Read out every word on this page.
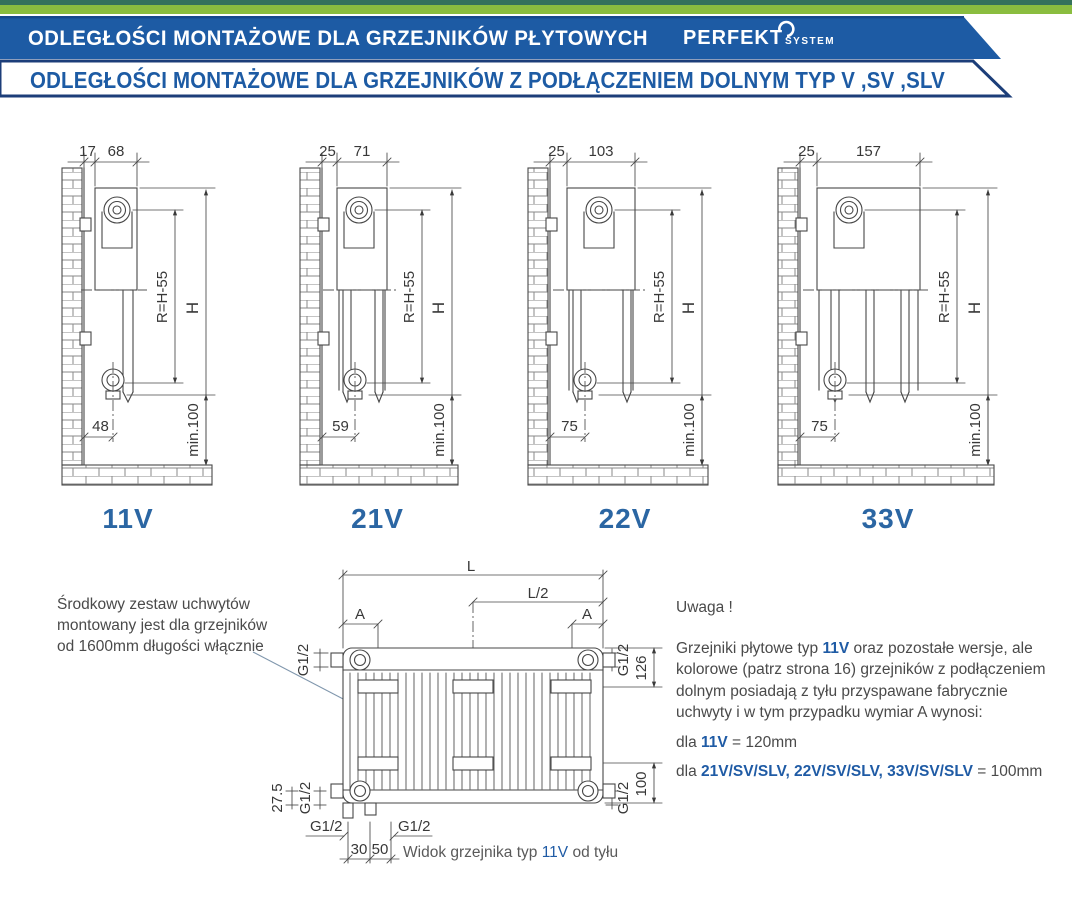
ODLEGŁOŚCI MONTAŻOWE DLA GRZEJNIKÓW PŁYTOWYCH PERFEKT SYSTEM
ODLEGŁOŚCI MONTAŻOWE DLA GRZEJNIKÓW Z PODŁĄCZENIEM DOLNYM TYP V ,SV ,SLV
17 68
H
R=H-55
min.100
48
25 71
H
R=H-55
min.100
59
25 103
H
R=H-55
min.100
75
25	157
H
R=H-55
min.100
75
11V	21V	22V	33V
Środkowy zestaw uchwytów
montowany jest dla grzejników
od 1600mm długości włącznie
L
L/2
A	A
G1/2	G1/2 126
27.5 G1/2
G1/2	G1/2
30 50
G1/2 100
Widok grzejnika typ 11V od tyłu
Uwaga !
Grzejniki płytowe typ 11V oraz pozostałe wersje, ale
kolorowe (patrz strona 16) grzejników z podłączeniem
dolnym posiadają z tyłu przyspawane fabrycznie
uchwyty i w tym przypadku wymiar A wynosi:
dla 11V = 120mm
dla 21V/SV/SLV, 22V/SV/SLV, 33V/SV/SLV = 100mm
